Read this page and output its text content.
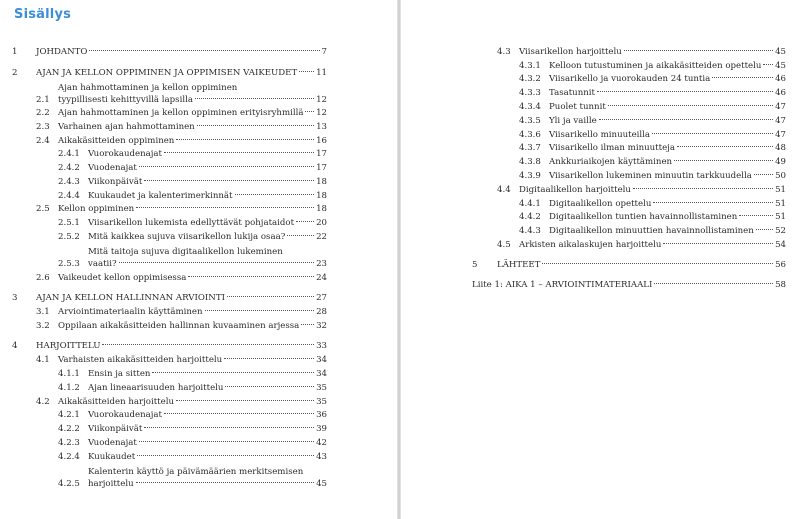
Sisällys
1 JOHDANTO	7
2 AJAN JA KELLON OPPIMINEN JA OPPIMISEN VAIKEUDET 11
2.1
Ajan hahmottaminen ja kellon oppiminen
tyypillisesti kehittyvillä lapsilla	12
2.2 Ajan hahmottaminen ja kellon oppiminen erityisryhmillä 12
2.3 Varhainen ajan hahmottaminen	13
2.4 Aikakäsitteiden oppiminen	16
2.4.1 Vuorokaudenajat	17
2.4.2 Vuodenajat	17
2.4.3 Viikonpäivät	18
2.4.4 Kuukaudet ja kalenterimerkinnät	18
2.5 Kellon oppiminen	18
2.5.1 Viisarikellon lukemista edellyttävät pohjataidot	20
2.5.2 Mitä kaikkea sujuva viisarikellon lukija osaa?	22
2.5.3
Mitä taitoja sujuva digitaalikellon lukeminen
vaatii?	23
2.6 Vaikeudet kellon oppimisessa	24
3 AJAN JA KELLON HALLINNAN ARVIOINTI	27
3.1 Arviointimateriaalin käyttäminen	28
3.2 Oppilaan aikakäsitteiden hallinnan kuvaaminen arjessa 32
4 HARJOITTELU	33
4.1 Varhaisten aikakäsitteiden harjoittelu	34
4.1.1 Ensin ja sitten	34
4.1.2 Ajan lineaarisuuden harjoittelu	35
4.2 Aikakäsitteiden harjoittelu	35
4.2.1 Vuorokaudenajat	36
4.2.2 Viikonpäivät	39
4.2.3 Vuodenajat	42
4.2.4 Kuukaudet	43
4.2.5
Kalenterin käyttö ja päivämäärien merkitsemisen
harjoittelu	45
4.3 Viisarikellon harjoittelu	45
4.3.1 Kelloon tutustuminen ja aikakäsitteiden opettelu 45
4.3.2 Viisarikello ja vuorokauden 24 tuntia	46
4.3.3 Tasatunnit	46
4.3.4 Puolet tunnit	47
4.3.5 Yli ja vaille	47
4.3.6 Viisarikello minuuteilla	47
4.3.7 Viisarikello ilman minuutteja	48
4.3.8 Ankkuriaikojen käyttäminen	49
4.3.9 Viisarikellon lukeminen minuutin tarkkuudella	50
4.4 Digitaalikellon harjoittelu	51
4.4.1 Digitaalikellon opettelu	51
4.4.2 Digitaalikellon tuntien havainnollistaminen	51
4.4.3 Digitaalikellon minuuttien havainnollistaminen 52
4.5 Arkisten aikalaskujen harjoittelu	54
5 LÄHTEET	56
Liite 1: AIKA 1 – ARVIOINTIMATERIAALI	58
